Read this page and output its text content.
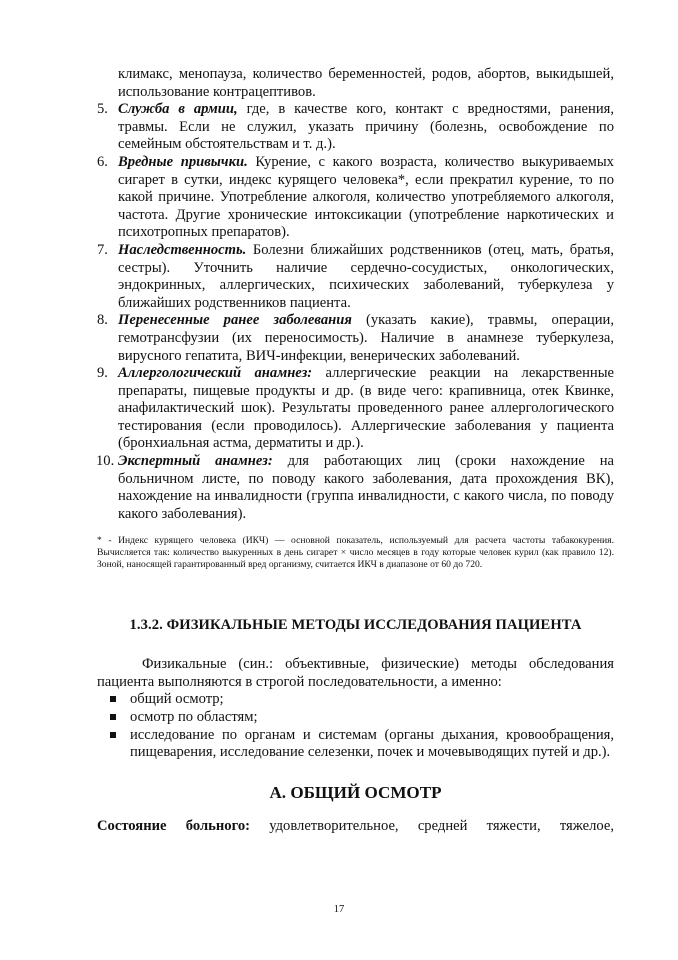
климакс, менопауза, количество беременностей, родов, абортов, выкидышей, использование контрацептивов.

5. Служба в армии, где, в качестве кого, контакт с вредностями, ранения, травмы. Если не служил, указать причину (болезнь, освобождение по семейным обстоятельствам и т. д.).
6. Вредные привычки. Курение, с какого возраста, количество выкуриваемых сигарет в сутки, индекс курящего человека*, если прекратил курение, то по какой причине. Употребление алкоголя, количество употребляемого алкоголя, частота. Другие хронические интоксикации (употребление наркотических и психотропных препаратов).
7. Наследственность. Болезни ближайших родственников (отец, мать, братья, сестры). Уточнить наличие сердечно-сосудистых, онкологических, эндокринных, аллергических, психических заболеваний, туберкулеза у ближайших родственников пациента.
8. Перенесенные ранее заболевания (указать какие), травмы, операции, гемотрансфузии (их переносимость). Наличие в анамнезе туберкулеза, вирусного гепатита, ВИЧ-инфекции, венерических заболеваний.
9. Аллергологический анамнез: аллергические реакции на лекарственные препараты, пищевые продукты и др. (в виде чего: крапивница, отек Квинке, анафилактический шок). Результаты проведенного ранее аллергологического тестирования (если проводилось). Аллергические заболевания у пациента (бронхиальная астма, дерматиты и др.).
10. Экспертный анамнез: для работающих лиц (сроки нахождение на больничном листе, по поводу какого заболевания, дата прохождения ВК), нахождение на инвалидности (группа инвалидности, с какого числа, по поводу какого заболевания).

* - Индекс курящего человека (ИКЧ) — основной показатель, используемый для расчета частоты табакокурения. Вычисляется так: количество выкуренных в день сигарет × число месяцев в году которые человек курил (как правило 12). Зоной, наносящей гарантированный вред организму, считается ИКЧ в диапазоне от 60 до 720.

1.3.2. ФИЗИКАЛЬНЫЕ МЕТОДЫ ИССЛЕДОВАНИЯ ПАЦИЕНТА

Физикальные (син.: объективные, физические) методы обследования пациента выполняются в строгой последовательности, а именно:

общий осмотр;
осмотр по областям;
исследование по органам и системам (органы дыхания, кровообращения, пищеварения, исследование селезенки, почек и мочевыводящих путей и др.).
А. ОБЩИЙ ОСМОТР

Состояние больного: удовлетворительное, средней тяжести, тяжелое,

17
